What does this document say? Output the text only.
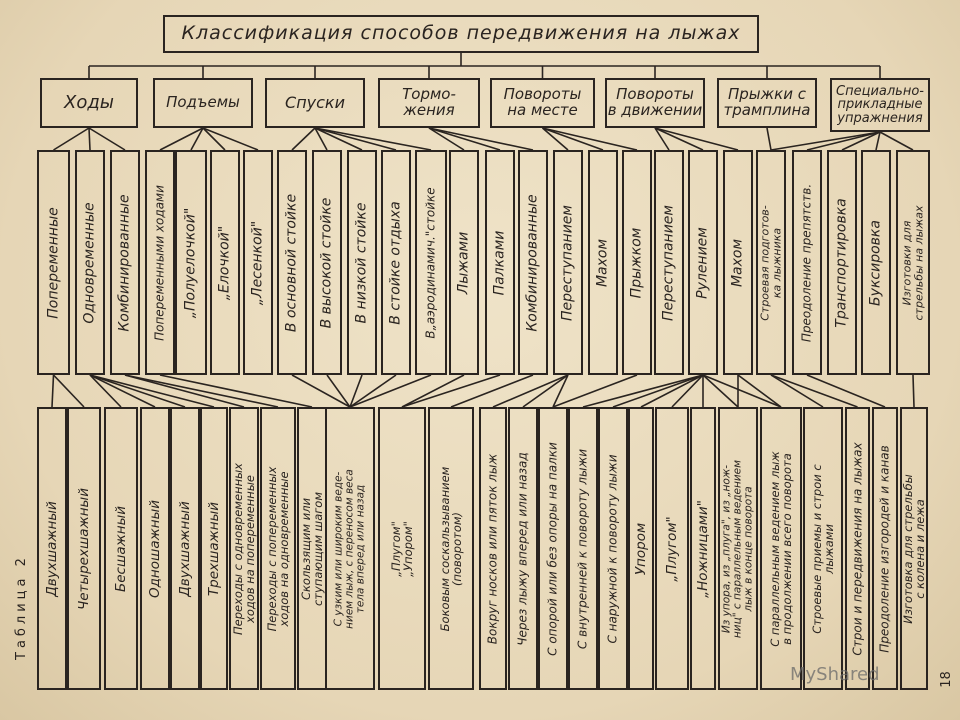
Классификация способов передвижения на лыжах
Ходы	Подъемы	Спуски	Тормо-
жения
Повороты
на месте
Повороты
в движении
Прыжки с
трамплина
Специально-
прикладные
упражнения
Попеременные Одновременные Комбинированные Попеременными ходами „Полуелочкой" „Елочкой" „Лесенкой" В основной стойке В высокой стойке В низкой стойке В стойке отдыха В„аэродинамич."стойке Лыжами Палками Комбинированные Переступанием Махом Прыжком Переступанием Рулением Махом
Строевая подготов-
ка лыжника Преодоление препятств. Транспортировка Буксировка Изготовки для
стрельбы на лыжах
Двухшажный Четырехшажный Бесшажный Одношажный Двухшажный Трехшажный
Переходы с одновременных
ходов на попеременные
Переходы с попеременных
ходов на одновременные Скользящим или
ступающим шагом
С узким или широким веде-
нием лыж, с переносом веса
тела вперед или назад
„Плугом"
„Упором"
Боковым соскальзыванием
(поворотом) Вокруг носков или пяток лыж Через лыжу вперед или назад С опорой или без опоры на палки С внутренней к повороту лыжи С наружной к повороту лыжи Упором „Плугом" „Ножницами"
Из упора, из „плуга", из „нож-
ниц" с параллельным ведением
лыж в конце поворота
С параллельным ведением лыж
в продолжении всего поворота
Строевые приемы и строи с
лыжами Строи и передвижения на лыжах Преодоление изгородей и канав Изготовка для стрельбы
с колена и лежа
Таблица 2
18
MyShared
